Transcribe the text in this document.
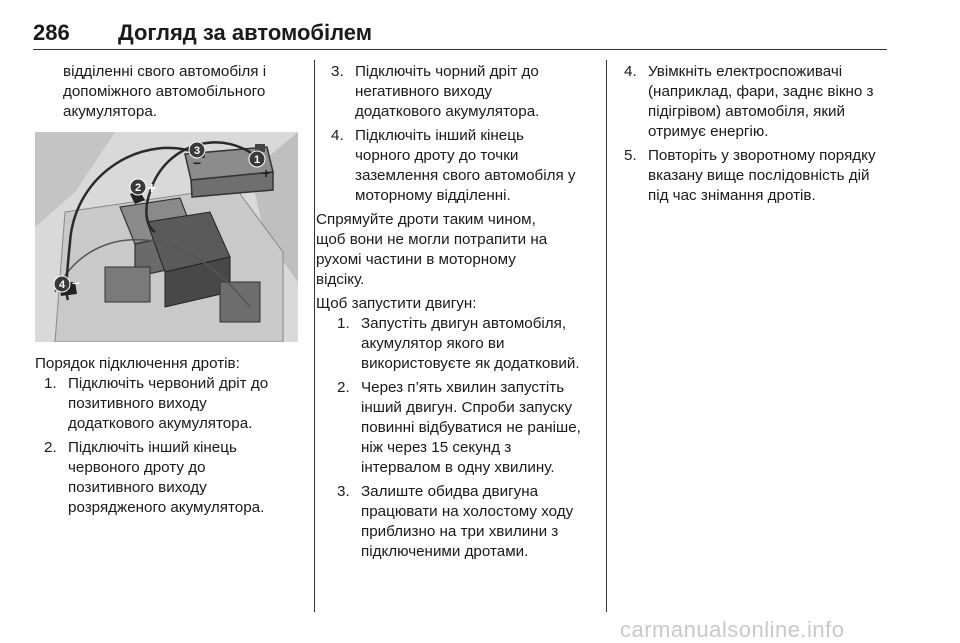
286 Догляд за автомобілем

відділенні свого автомобіля і

допоміжного автомобільного

акумулятора.

1
+
2 +
3
−
4 −

Порядок підключення дротів:

1. Підключіть червоний дріт до
позитивного виходу
додаткового акумулятора.
2. Підключіть інший кінець
червоного дроту до
позитивного виходу
розрядженого акумулятора.
3. Підключіть чорний дріт до
негативного виходу
додаткового акумулятора.
4. Підключіть інший кінець
чорного дроту до точки
заземлення свого автомобіля у
моторному відділенні.

Спрямуйте дроти таким чином,

щоб вони не могли потрапити на

рухомі частини в моторному

відсіку.

Щоб запустити двигун:

1. Запустіть двигун автомобіля,
акумулятор якого ви
використовуєте як додатковий.
2. Через п’ять хвилин запустіть
інший двигун. Спроби запуску
повинні відбуватися не раніше,
ніж через 15 секунд з
інтервалом в одну хвилину.
3. Залиште обидва двигуна
працювати на холостому ходу
приблизно на три хвилини з
підключеними дротами.
4. Увімкніть електроспоживачі
(наприклад, фари, заднє вікно з
підігрівом) автомобіля, який
отримує енергію.
5. Повторіть у зворотному порядку
вказану вище послідовність дій
під час знімання дротів.
carmanualsonline.info
